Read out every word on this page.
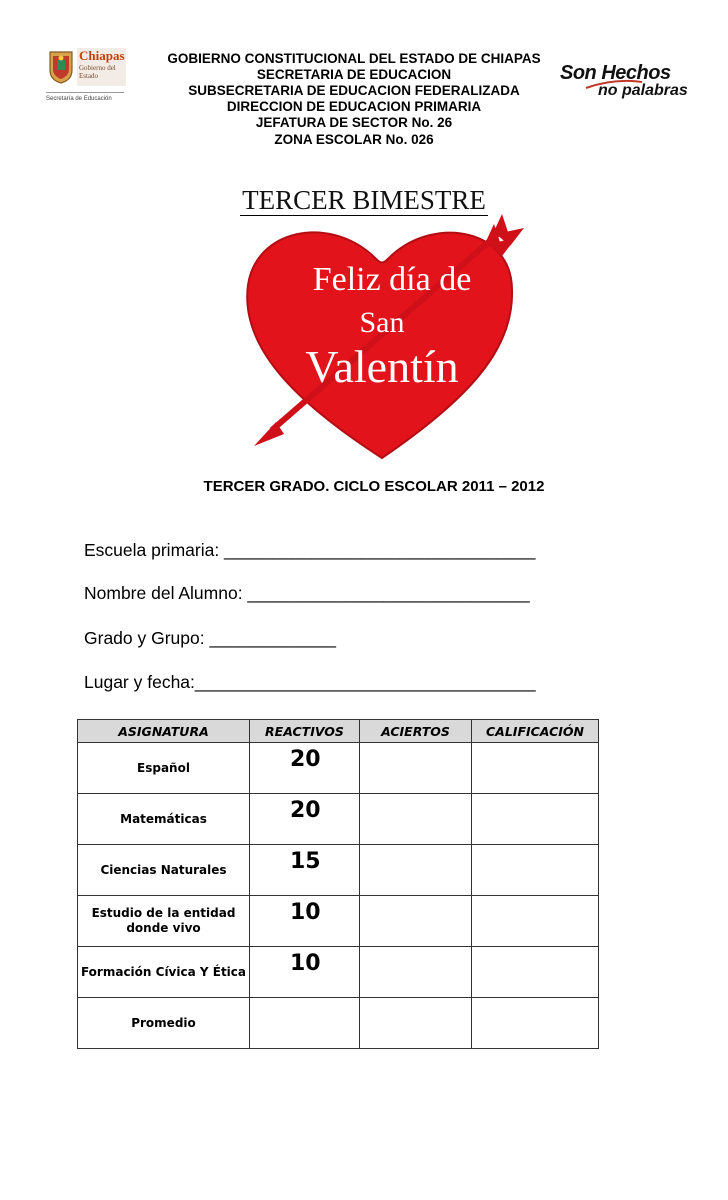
Chiapas
Gobierno del Estado
Secretaría de Educación
GOBIERNO CONSTITUCIONAL DEL ESTADO DE CHIAPAS
SECRETARIA DE EDUCACION
SUBSECRETARIA DE EDUCACION FEDERALIZADA
DIRECCION DE EDUCACION PRIMARIA
JEFATURA DE SECTOR No. 26
ZONA ESCOLAR No. 026
Son Hechos
no palabras
TERCER BIMESTRE
Feliz día de
San
Valentín
TERCER GRADO. CICLO ESCOLAR 2011 – 2012
Escuela primaria: ________________________________
Nombre del Alumno: _____________________________
Grado y Grupo: _____________
Lugar y fecha:___________________________________
ASIGNATURA	REACTIVOS	ACIERTOS	CALIFICACIÓN
Español	20		
Matemáticas	20		
Ciencias Naturales	15		
Estudio de la entidad donde vivo	10		
Formación Cívica Y Ética	10		
Promedio			
